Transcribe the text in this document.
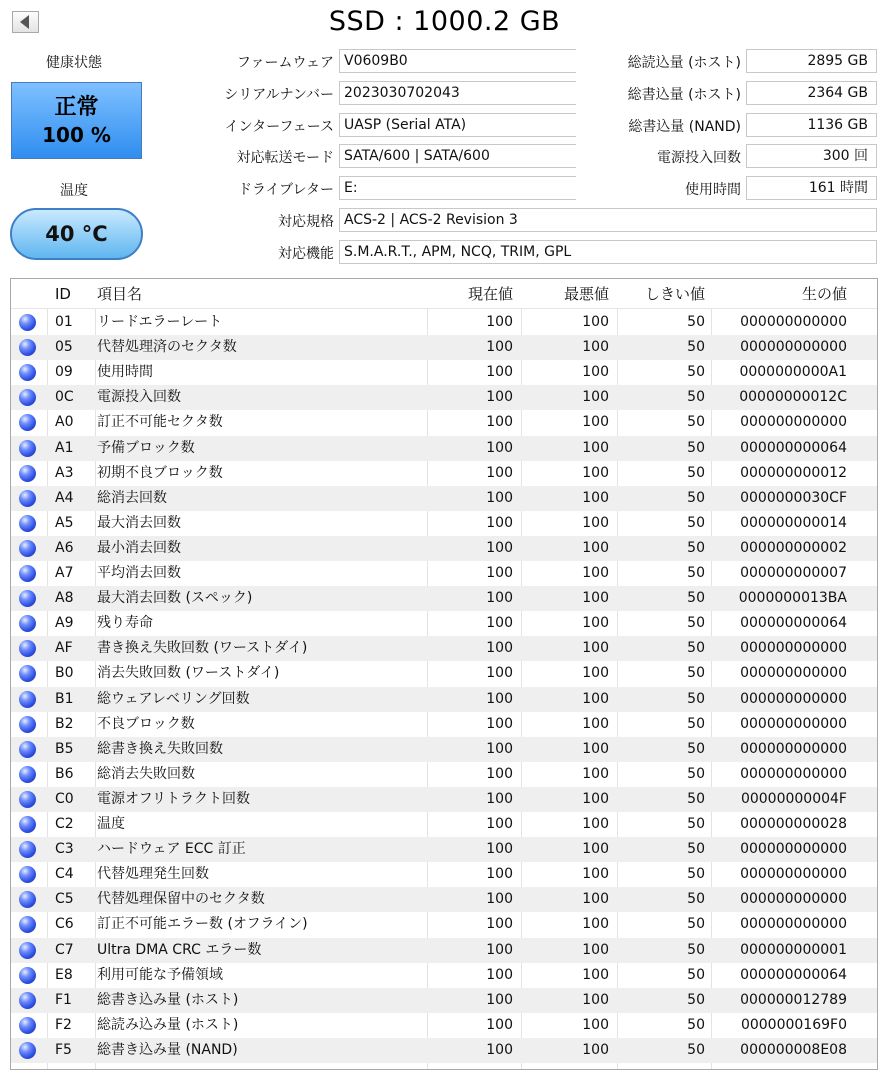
SSD : 1000.2 GB
健康状態
正常
100 %
温度
40 °C
ファームウェア V0609B0
シリアルナンバー 2023030702043
インターフェース UASP (Serial ATA)
対応転送モード SATA/600 | SATA/600
ドライブレター E:
対応規格 ACS-2 | ACS-2 Revision 3
対応機能 S.M.A.R.T., APM, NCQ, TRIM, GPL
総読込量 (ホスト)	2895 GB
総書込量 (ホスト)	2364 GB
総書込量 (NAND)	1136 GB
電源投入回数	300 回
使用時間	161 時間
ID	項目名	現在値	最悪値	しきい値	生の値
01	リードエラーレート	100	100	50	000000000000
05	代替処理済のセクタ数	100	100	50	000000000000
09	使用時間	100	100	50	0000000000A1
0C	電源投入回数	100	100	50	00000000012C
A0	訂正不可能セクタ数	100	100	50	000000000000
A1	予備ブロック数	100	100	50	000000000064
A3	初期不良ブロック数	100	100	50	000000000012
A4	総消去回数	100	100	50	0000000030CF
A5	最大消去回数	100	100	50	000000000014
A6	最小消去回数	100	100	50	000000000002
A7	平均消去回数	100	100	50	000000000007
A8	最大消去回数 (スペック)	100	100	50	0000000013BA
A9	残り寿命	100	100	50	000000000064
AF	書き換え失敗回数 (ワーストダイ)	100	100	50	000000000000
B0	消去失敗回数 (ワーストダイ)	100	100	50	000000000000
B1	総ウェアレベリング回数	100	100	50	000000000000
B2	不良ブロック数	100	100	50	000000000000
B5	総書き換え失敗回数	100	100	50	000000000000
B6	総消去失敗回数	100	100	50	000000000000
C0	電源オフリトラクト回数	100	100	50	00000000004F
C2	温度	100	100	50	000000000028
C3	ハードウェア ECC 訂正	100	100	50	000000000000
C4	代替処理発生回数	100	100	50	000000000000
C5	代替処理保留中のセクタ数	100	100	50	000000000000
C6	訂正不可能エラー数 (オフライン)	100	100	50	000000000000
C7	Ultra DMA CRC エラー数	100	100	50	000000000001
E8	利用可能な予備領域	100	100	50	000000000064
F1	総書き込み量 (ホスト)	100	100	50	000000012789
F2	総読み込み量 (ホスト)	100	100	50	0000000169F0
F5	総書き込み量 (NAND)	100	100	50	000000008E08
